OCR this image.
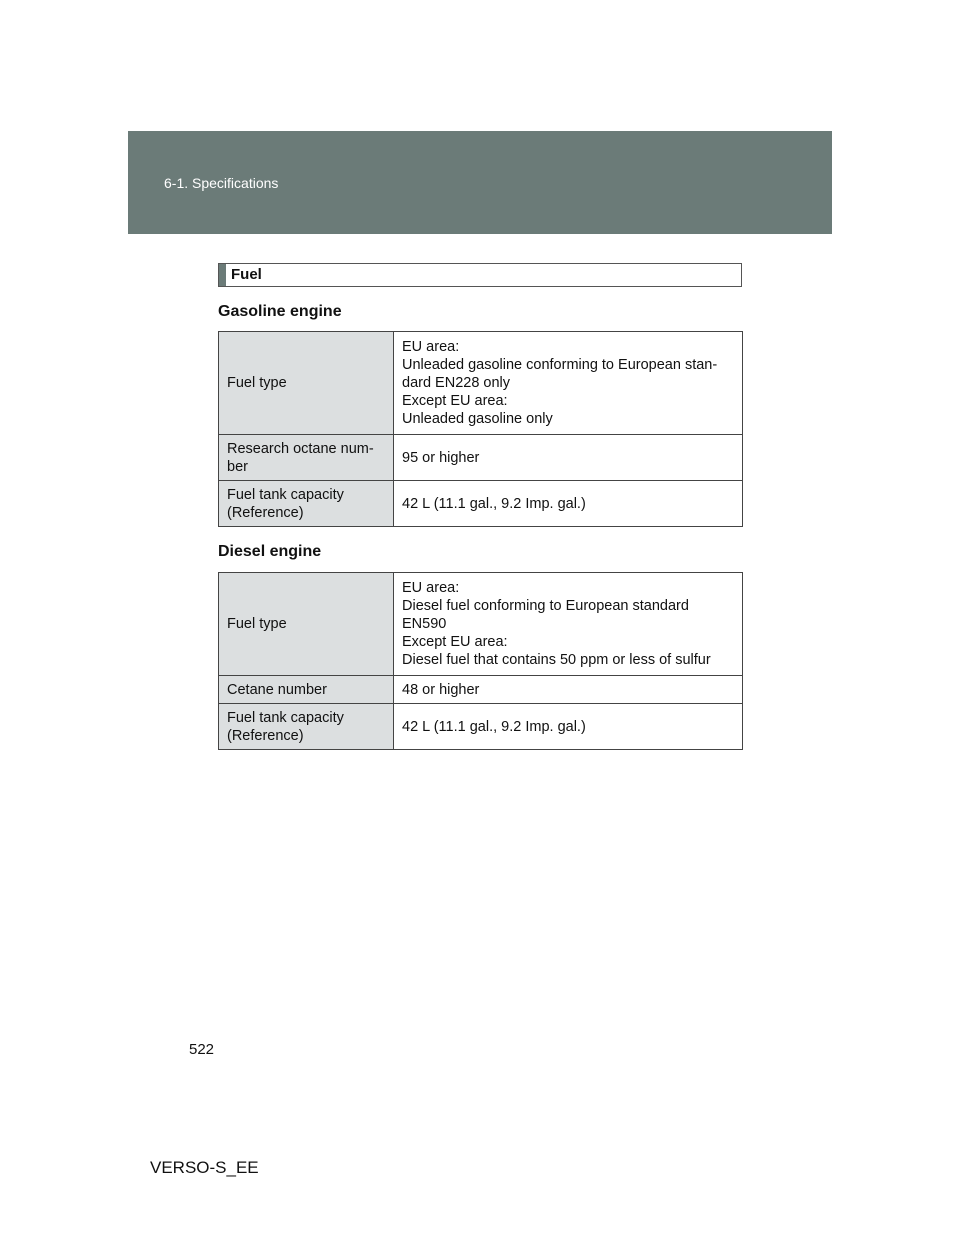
6-1. Specifications
Fuel
Gasoline engine
Fuel type	EU area:
Unleaded gasoline conforming to European stan-
dard EN228 only
Except EU area:
Unleaded gasoline only

Research octane num-
ber	95 or higher

Fuel tank capacity
(Reference)	42 L (11.1 gal., 9.2 Imp. gal.)
Diesel engine
Fuel type	EU area:
Diesel fuel conforming to European standard
EN590
Except EU area:
Diesel fuel that contains 50 ppm or less of sulfur

Cetane number	48 or higher

Fuel tank capacity
(Reference)	42 L (11.1 gal., 9.2 Imp. gal.)
522
VERSO-S_EE
